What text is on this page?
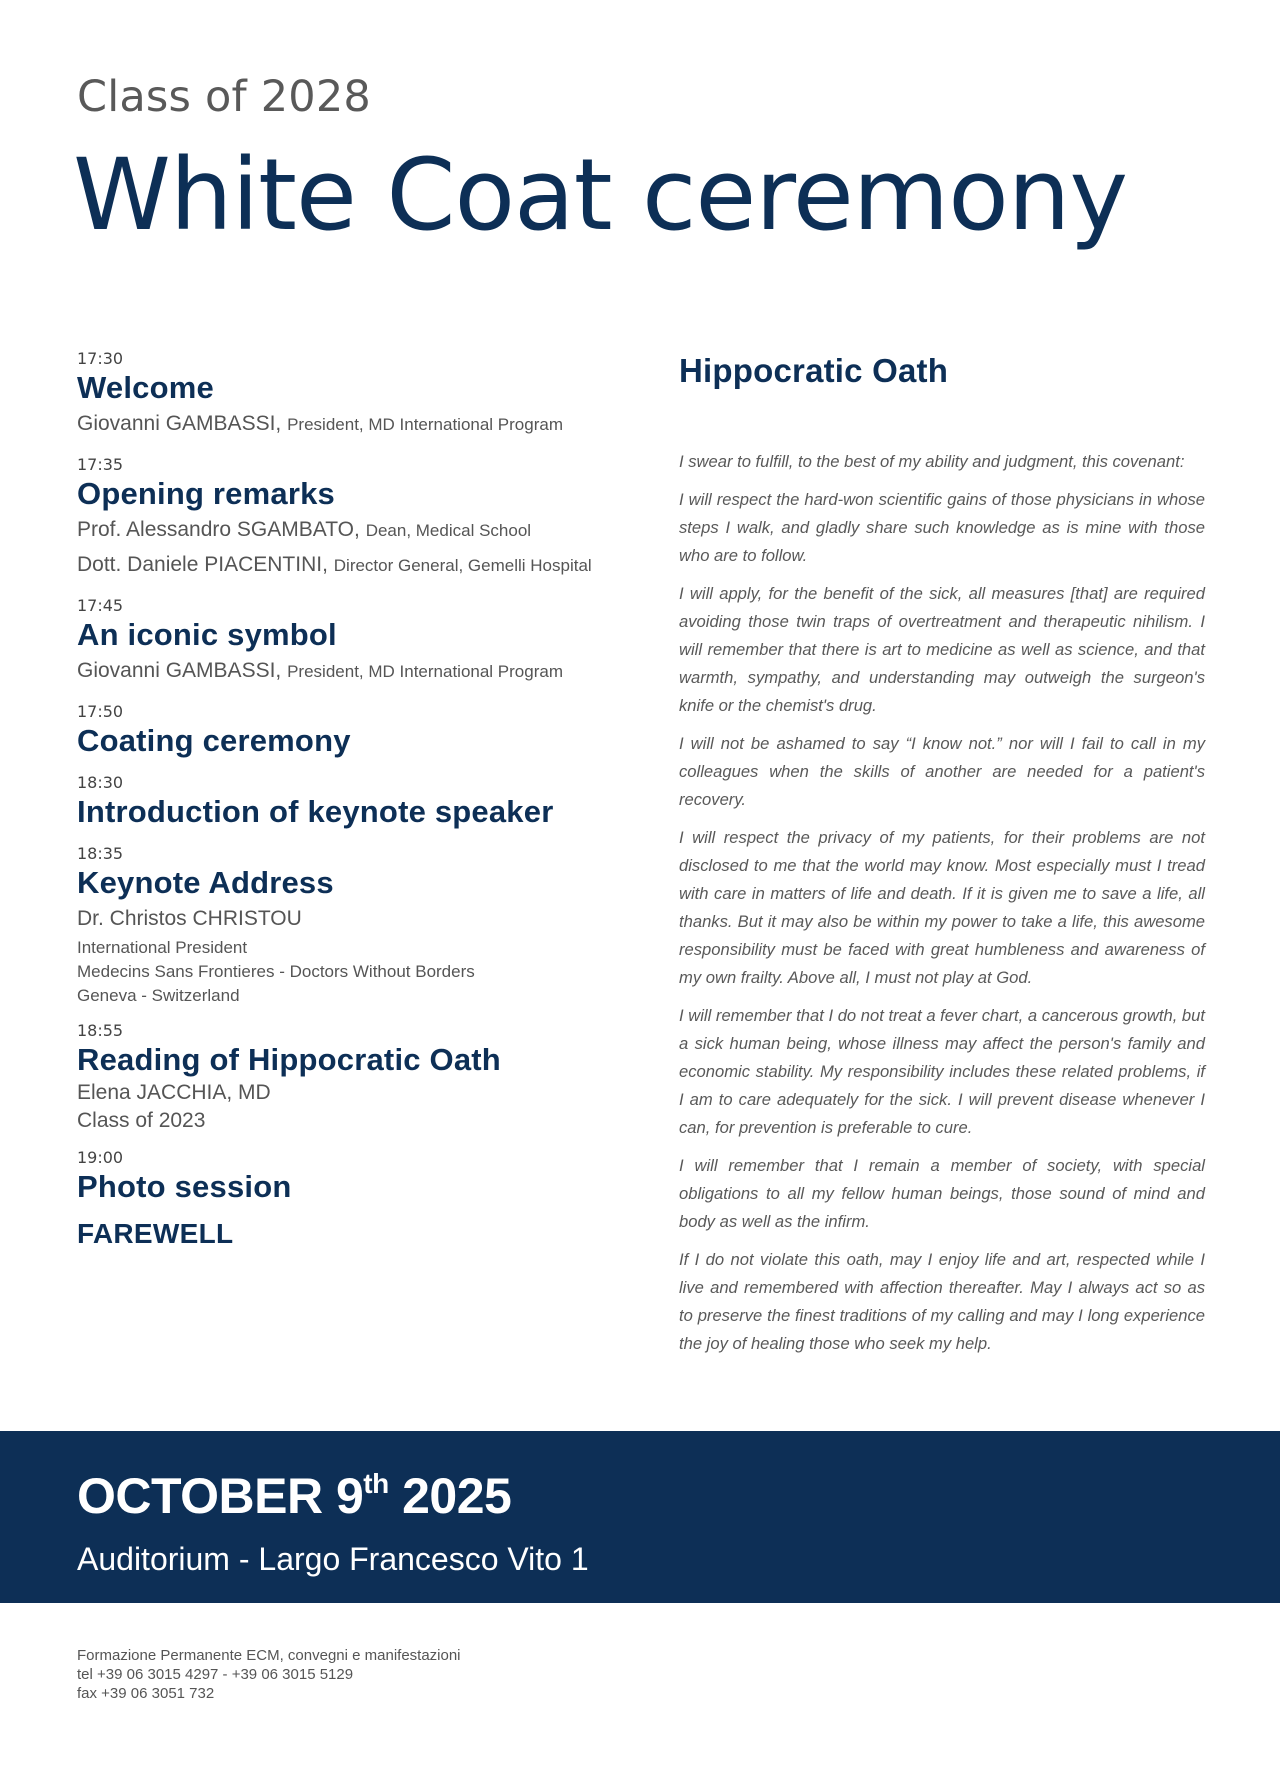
Class of 2028
White Coat ceremony
17:30
Welcome
Giovanni GAMBASSI, President, MD International Program
17:35
Opening remarks
Prof. Alessandro SGAMBATO, Dean, Medical School
Dott. Daniele PIACENTINI, Director General, Gemelli Hospital
17:45
An iconic symbol
Giovanni GAMBASSI, President, MD International Program
17:50
Coating ceremony
18:30
Introduction of keynote speaker
18:35
Keynote Address
Dr. Christos CHRISTOU
International President
Medecins Sans Frontieres - Doctors Without Borders
Geneva - Switzerland
18:55
Reading of Hippocratic Oath
Elena JACCHIA, MD
Class of 2023
19:00
Photo session
FAREWELL
Hippocratic Oath

I swear to fulfill, to the best of my ability and judgment, this covenant:

I will respect the hard-won scientific gains of those physicians in whose steps I walk, and gladly share such knowledge as is mine with those who are to follow.

I will apply, for the benefit of the sick, all measures [that] are required avoiding those twin traps of overtreatment and therapeutic nihilism. I will remember that there is art to medicine as well as science, and that warmth, sympathy, and understanding may outweigh the surgeon's knife or the chemist's drug.

I will not be ashamed to say “I know not.” nor will I fail to call in my colleagues when the skills of another are needed for a patient's recovery.

I will respect the privacy of my patients, for their problems are not disclosed to me that the world may know. Most especially must I tread with care in matters of life and death. If it is given me to save a life, all thanks. But it may also be within my power to take a life, this awesome responsibility must be faced with great humbleness and awareness of my own frailty. Above all, I must not play at God.

I will remember that I do not treat a fever chart, a cancerous growth, but a sick human being, whose illness may affect the person's family and economic stability. My responsibility includes these related problems, if I am to care adequately for the sick. I will prevent disease whenever I can, for prevention is preferable to cure.

I will remember that I remain a member of society, with special obligations to all my fellow human beings, those sound of mind and body as well as the infirm.

If I do not violate this oath, may I enjoy life and art, respected while I live and remembered with affection thereafter. May I always act so as to preserve the finest traditions of my calling and may I long experience the joy of healing those who seek my help.

OCTOBER 9th 2025
Auditorium - Largo Francesco Vito 1
Formazione Permanente ECM, convegni e manifestazioni
tel +39 06 3015 4297 - +39 06 3015 5129
fax +39 06 3051 732
